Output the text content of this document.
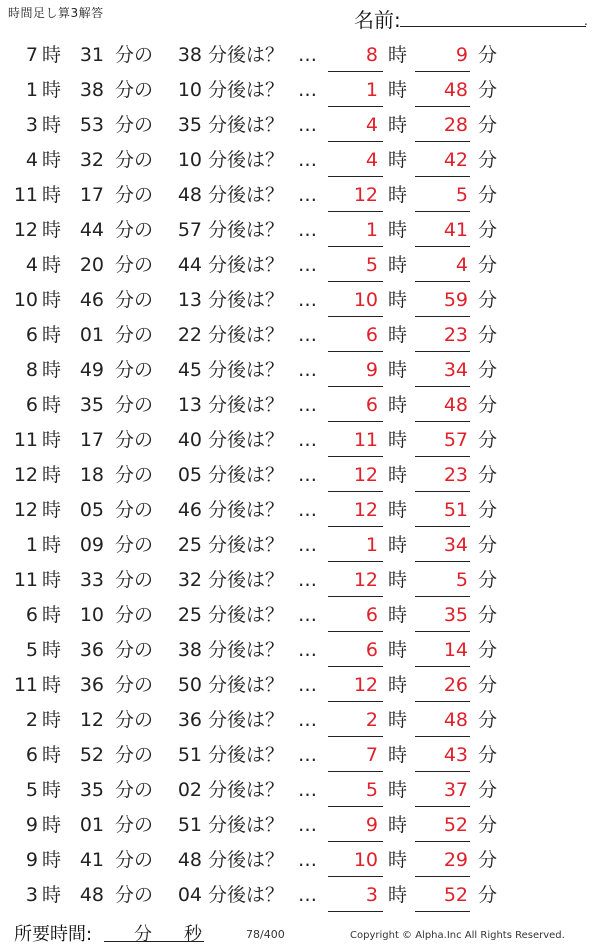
時間足し算3解答	名前:	.
7 時 31 分の	38 分後は？ …	8 時	9 分
1 時 38 分の	10 分後は？ …	1 時	48 分
3 時 53 分の	35 分後は？ …	4 時	28 分
4 時 32 分の	10 分後は？ …	4 時	42 分
11 時 17 分の	48 分後は？ …	12 時	5 分
12 時 44 分の	57 分後は？ …	1 時	41 分
4 時 20 分の	44 分後は？ …	5 時	4 分
10 時 46 分の	13 分後は？ …	10 時	59 分
6 時 01 分の	22 分後は？ …	6 時	23 分
8 時 49 分の	45 分後は？ …	9 時	34 分
6 時 35 分の	13 分後は？ …	6 時	48 分
11 時 17 分の	40 分後は？ …	11 時	57 分
12 時 18 分の	05 分後は？ …	12 時	23 分
12 時 05 分の	46 分後は？ …	12 時	51 分
1 時 09 分の	25 分後は？ …	1 時	34 分
11 時 33 分の	32 分後は？ …	12 時	5 分
6 時 10 分の	25 分後は？ …	6 時	35 分
5 時 36 分の	38 分後は？ …	6 時	14 分
11 時 36 分の	50 分後は？ …	12 時	26 分
2 時 12 分の	36 分後は？ …	2 時	48 分
6 時 52 分の	51 分後は？ …	7 時	43 分
5 時 35 分の	02 分後は？ …	5 時	37 分
9 時 01 分の	51 分後は？ …	9 時	52 分
9 時 41 分の	48 分後は？ …	10 時	29 分
3 時 48 分の	04 分後は？ …	3 時	52 分
所要時間: 分 秒	78/400	Copyright © Alpha.Inc All Rights Reserved.
